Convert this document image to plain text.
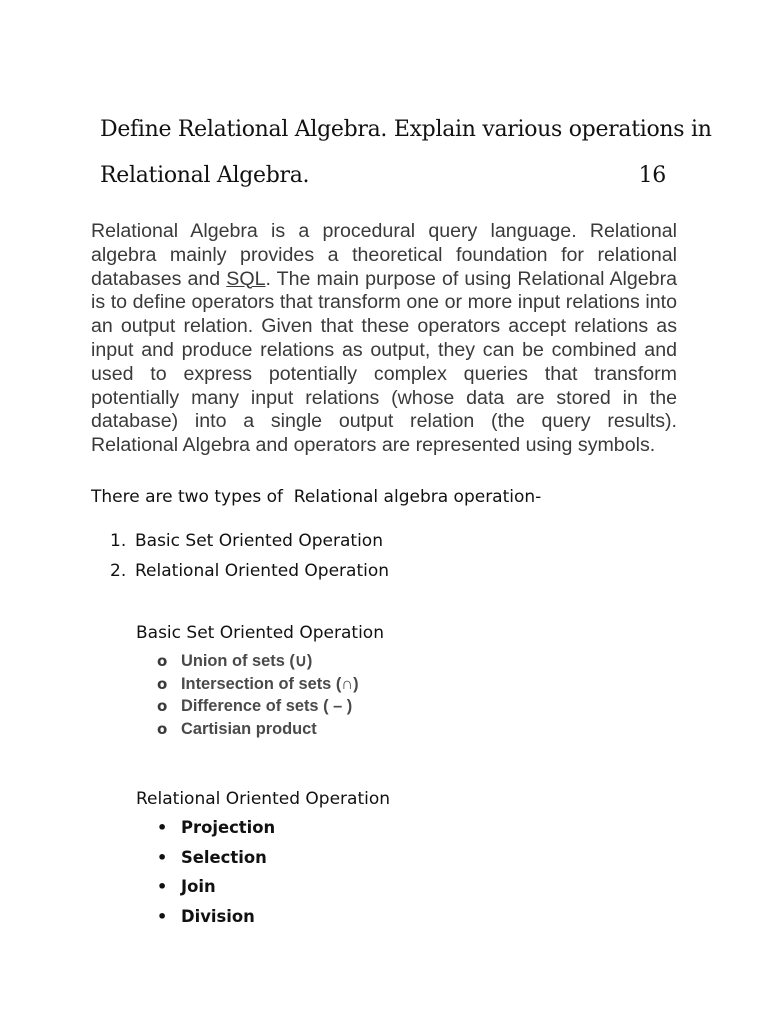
Define Relational Algebra. Explain various operations in
Relational Algebra.	16

Relational Algebra is a procedural query language. Relational algebra mainly provides a theoretical foundation for relational databases and SQL. The main purpose of using Relational Algebra is to define operators that transform one or more input relations into an output relation. Given that these operators accept relations as input and produce relations as output, they can be combined and used to express potentially complex queries that transform potentially many input relations (whose data are stored in the database) into a single output relation (the query results). Relational Algebra and operators are represented using symbols.

There are two types of  Relational algebra operation-

1. Basic Set Oriented Operation
2. Relational Oriented Operation

Basic Set Oriented Operation

o Union of sets (∪)
o Intersection of sets (∩)
o Difference of sets ( – )
o Cartisian product

Relational Oriented Operation

• Projection
• Selection
• Join
• Division
